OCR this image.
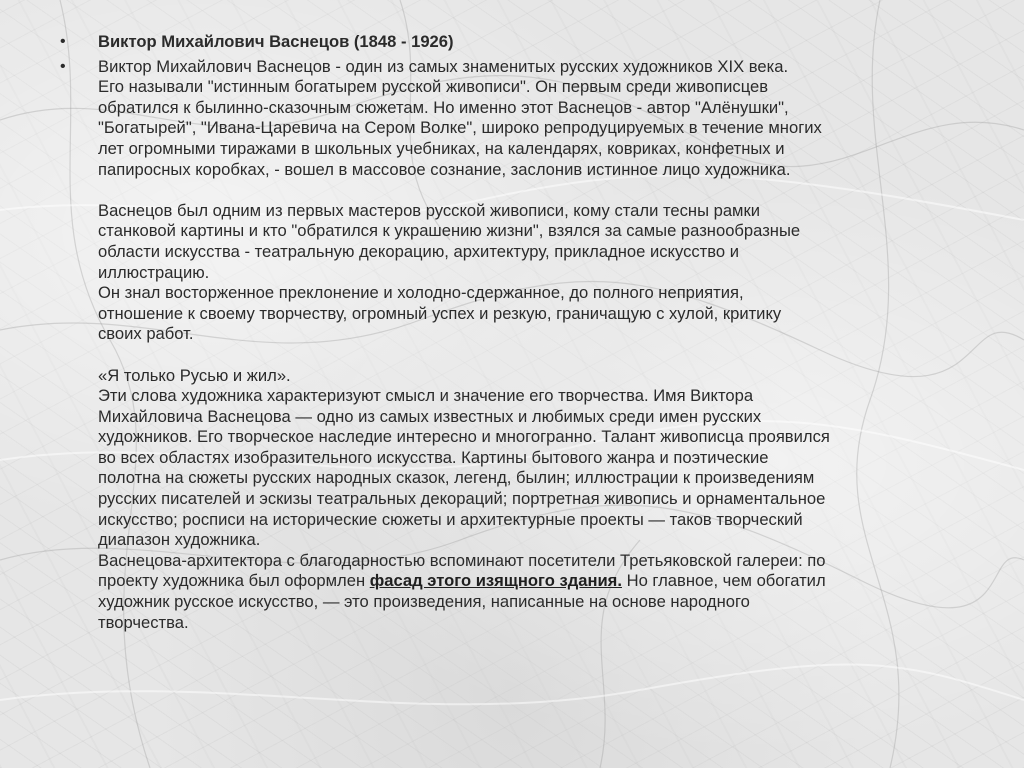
•	Виктор Михайлович Васнецов (1848 - 1926)
•	Виктор Михайлович Васнецов - один из самых знаменитых русских художников XIX века.
Его называли "истинным богатырем русской живописи". Он первым среди живописцев
обратился к былинно-сказочным сюжетам. Но именно этот Васнецов - автор "Алёнушки",
"Богатырей", "Ивана-Царевича на Сером Волке", широко репродуцируемых в течение многих
лет огромными тиражами в школьных учебниках, на календарях, ковриках, конфетных и
папиросных коробках, - вошел в массовое сознание, заслонив истинное лицо художника.
Васнецов был одним из первых мастеров русской живописи, кому стали тесны рамки
станковой картины и кто "обратился к украшению жизни", взялся за самые разнообразные
области искусства - театральную декорацию, архитектуру, прикладное искусство и
иллюстрацию.
Он знал восторженное преклонение и холодно-сдержанное, до полного неприятия,
отношение к своему творчеству, огромный успех и резкую, граничащую с хулой, критику
своих работ.
«Я только Русью и жил».
Эти слова художника характеризуют смысл и значение его творчества. Имя Виктора
Михайловича Васнецова — одно из самых известных и любимых среди имен русских
художников. Его творческое наследие интересно и многогранно. Талант живописца проявился
во всех областях изобразительного искусства. Картины бытового жанра и поэтические
полотна на сюжеты русских народных сказок, легенд, былин; иллюстрации к произведениям
русских писателей и эскизы театральных декораций; портретная живопись и орнаментальное
искусство; росписи на исторические сюжеты и архитектурные проекты — таков творческий
диапазон художника.
Васнецова-архитектора с благодарностью вспоминают посетители Третьяковской галереи: по
проекту художника был оформлен фасад этого изящного здания. Но главное, чем обогатил
художник русское искусство, — это произведения, написанные на основе народного
творчества.
